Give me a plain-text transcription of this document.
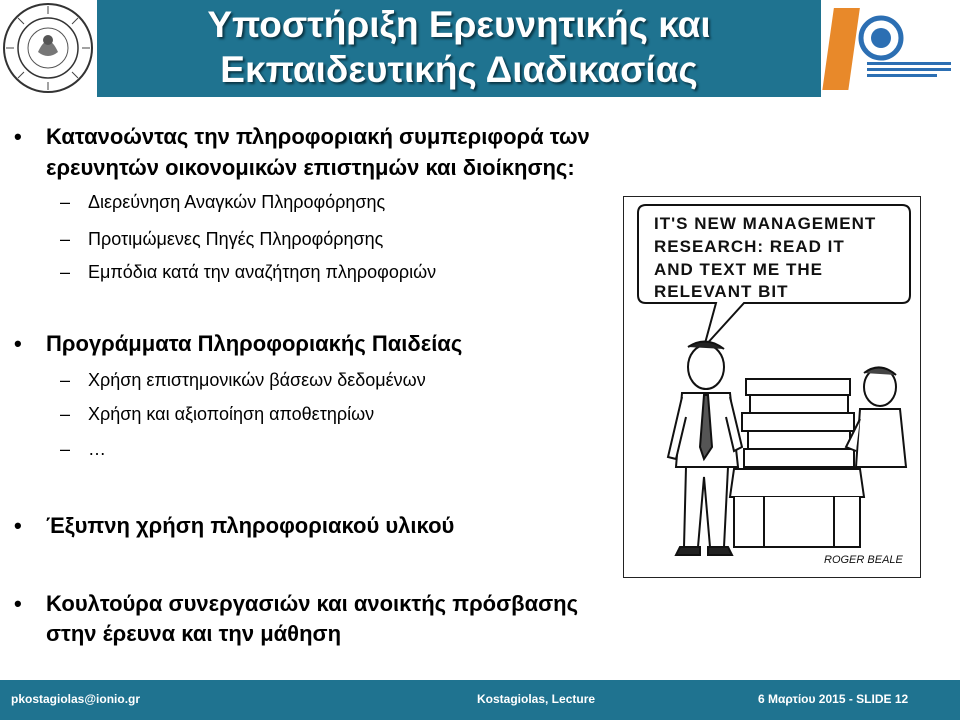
Υποστήριξη Ερευνητικής και
Εκπαιδευτικής Διαδικασίας
•	Κατανοώντας την πληροφοριακή συμπεριφορά των
ερευνητών οικονομικών επιστημών και διοίκησης:
– Διερεύνηση Αναγκών Πληροφόρησης
– Προτιμώμενες Πηγές Πληροφόρησης
– Εμπόδια κατά την αναζήτηση πληροφοριών
•	Προγράμματα Πληροφοριακής Παιδείας
– Χρήση επιστημονικών βάσεων δεδομένων
– Χρήση και αξιοποίηση αποθετηρίων
– …
•	Έξυπνη χρήση πληροφοριακού υλικού
•	Κουλτούρα συνεργασιών και ανοικτής πρόσβασης
στην έρευνα και την μάθηση
IT'S NEW MANAGEMENT
RESEARCH: READ IT
AND TEXT ME THE
RELEVANT BIT
ROGER BEALE
pkostagiolas@ionio.gr	Kostagiolas, Lecture	6 Μαρτίου 2015 - SLIDE 12
